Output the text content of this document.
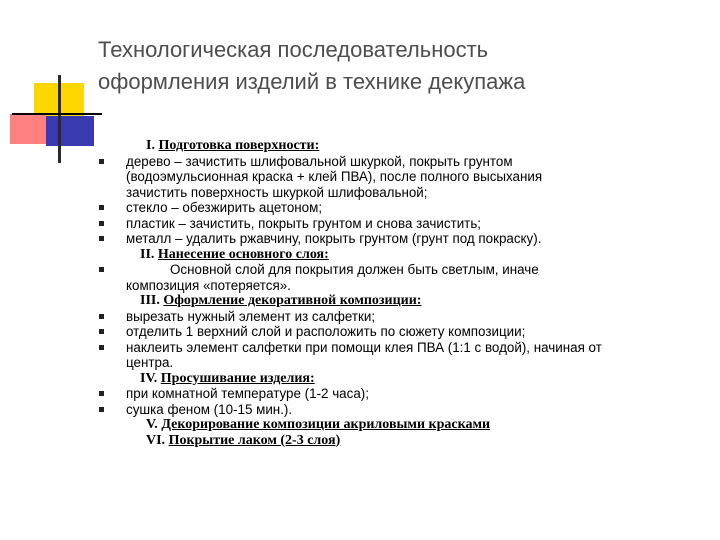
Технологическая последовательность
оформления изделий в технике декупажа
I. Подготовка поверхности:
дерево – зачистить шлифовальной шкуркой, покрыть грунтом
(водоэмульсионная краска + клей ПВА), после полного высыхания
зачистить поверхность шкуркой шлифовальной;
стекло – обезжирить ацетоном;
пластик – зачистить, покрыть грунтом и снова зачистить;
металл – удалить ржавчину, покрыть грунтом (грунт под покраску).
II. Нанесение основного слоя:
Основной слой для покрытия должен быть светлым, иначе
композиция «потеряется».
III. Оформление декоративной композиции:
вырезать нужный элемент из салфетки;
отделить 1 верхний слой и расположить по сюжету композиции;
наклеить элемент салфетки при помощи клея ПВА (1:1 с водой), начиная от
центра.
IV. Просушивание изделия:
при комнатной температуре (1-2 часа);
сушка феном (10-15 мин.).
V. Декорирование композиции акриловыми красками
VI. Покрытие лаком (2-3 слоя)
